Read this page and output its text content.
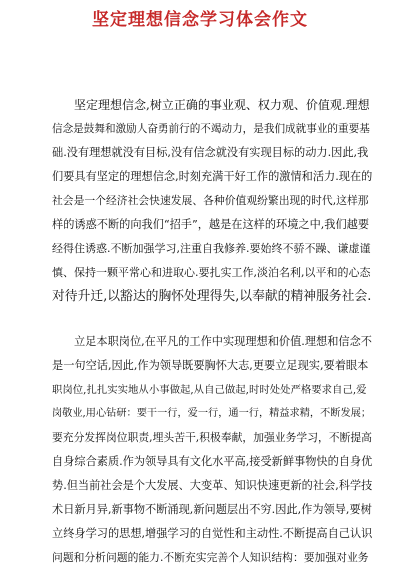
坚定理想信念学习体会作文
坚定理想信念,树立正确的事业观、权力观、价值观.理想
信念是鼓舞和激励人奋勇前行的不竭动力，是我们成就事业的重要基
础.没有理想就没有目标,没有信念就没有实现目标的动力.因此,我
们要具有坚定的理想信念,时刻充满干好工作的激情和活力.现在的
社会是一个经济社会快速发展、各种价值观纷繁出现的时代,这样那
样的诱惑不断的向我们“招手”，越是在这样的环境之中,我们越要
经得住诱惑.不断加强学习,注重自我修养.要始终不骄不躁、谦虚谨
慎、保持一颗平常心和进取心.要扎实工作,淡泊名利,以平和的心态
对待升迁,以豁达的胸怀处理得失,以奉献的精神服务社会.
立足本职岗位,在平凡的工作中实现理想和价值.理想和信念不
是一句空话,因此,作为领导既要胸怀大志,更要立足现实,要着眼本
职岗位,扎扎实实地从小事做起,从自己做起,时时处处严格要求自己,爱
岗敬业,用心钻研：要干一行，爱一行，通一行，精益求精，不断发展；
要充分发挥岗位职责,埋头苦干,积极奉献，加强业务学习，不断提高
自身综合素质.作为领导具有文化水平高,接受新鲜事物快的自身优
势.但当前社会是个大发展、大变革、知识快速更新的社会,科学技
术日新月异,新事物不断涌现,新问题层出不穷.因此,作为领导,要树
立终身学习的思想,增强学习的自觉性和主动性.不断提高自己认识
问题和分析问题的能力.不断充实完善个人知识结构：要加强对业务
